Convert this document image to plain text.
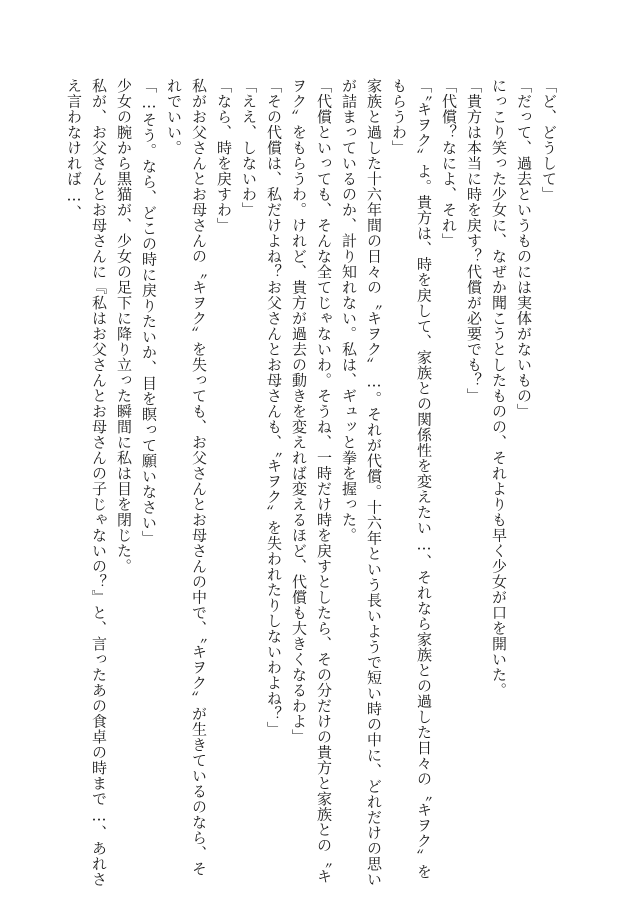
「ど、どうして」
「だって、過去というものには実体がないもの」
にっこり笑った少女に、なぜか聞こうとしたものの、それよりも早く少女が口を開いた。
「貴方は本当に時を戻す？代償が必要でも？」
「代償？なによ、それ」
「〝キヲク〟よ。貴方は、時を戻して、家族との関係性を変えたい…、それなら家族との過した日々の〝キヲク〟を
もらうわ」
家族と過した十六年間の日々の〝キヲク〟…。それが代償。十六年という長いようで短い時の中に、どれだけの思い
が詰まっているのか、計り知れない。私は、ギュッと拳を握った。
「代償といっても、そんな全てじゃないわ。そうね、一時だけ時を戻すとしたら、その分だけの貴方と家族との〝キ
ヲク〟をもらうわ。けれど、貴方が過去の動きを変えれば変えるほど、代償も大きくなるわよ」
「その代償は、私だけよね？お父さんとお母さんも、〝キヲク〟を失われたりしないわよね？」
「ええ、しないわ」
「なら、時を戻すわ」
私がお父さんとお母さんの〝キヲク〟を失っても、お父さんとお母さんの中で、〝キヲク〟が生きているのなら、そ
れでいい。
「…そう。なら、どこの時に戻りたいか、目を瞑って願いなさい」
少女の腕から黒猫が、少女の足下に降り立った瞬間に私は目を閉じた。
私が、お父さんとお母さんに『私はお父さんとお母さんの子じゃないの？』と、言ったあの食卓の時まで…、あれさ
え言わなければ…、
